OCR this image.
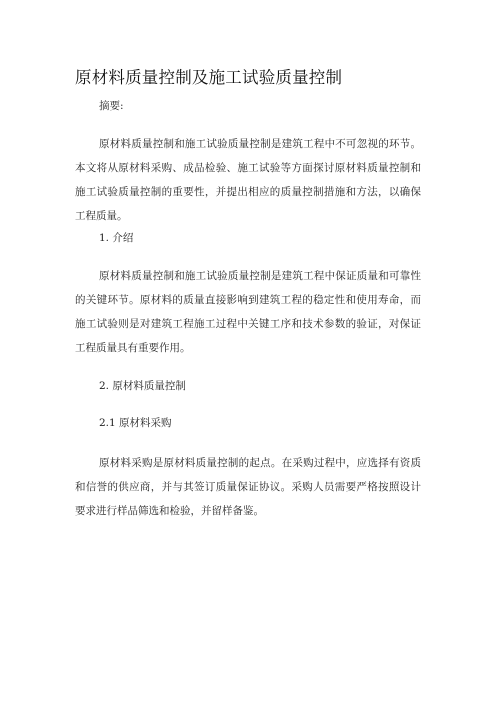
原材料质量控制及施工试验质量控制
摘要:
原材料质量控制和施工试验质量控制是建筑工程中不可忽视的环节。本文将从原材料采购、成品检验、施工试验等方面探讨原材料质量控制和施工试验质量控制的重要性，并提出相应的质量控制措施和方法，以确保工程质量。
1. 介绍
原材料质量控制和施工试验质量控制是建筑工程中保证质量和可靠性的关键环节。原材料的质量直接影响到建筑工程的稳定性和使用寿命，而施工试验则是对建筑工程施工过程中关键工序和技术参数的验证，对保证工程质量具有重要作用。
2. 原材料质量控制
2.1 原材料采购
原材料采购是原材料质量控制的起点。在采购过程中，应选择有资质和信誉的供应商，并与其签订质量保证协议。采购人员需要严格按照设计要求进行样品筛选和检验，并留样备鉴。
